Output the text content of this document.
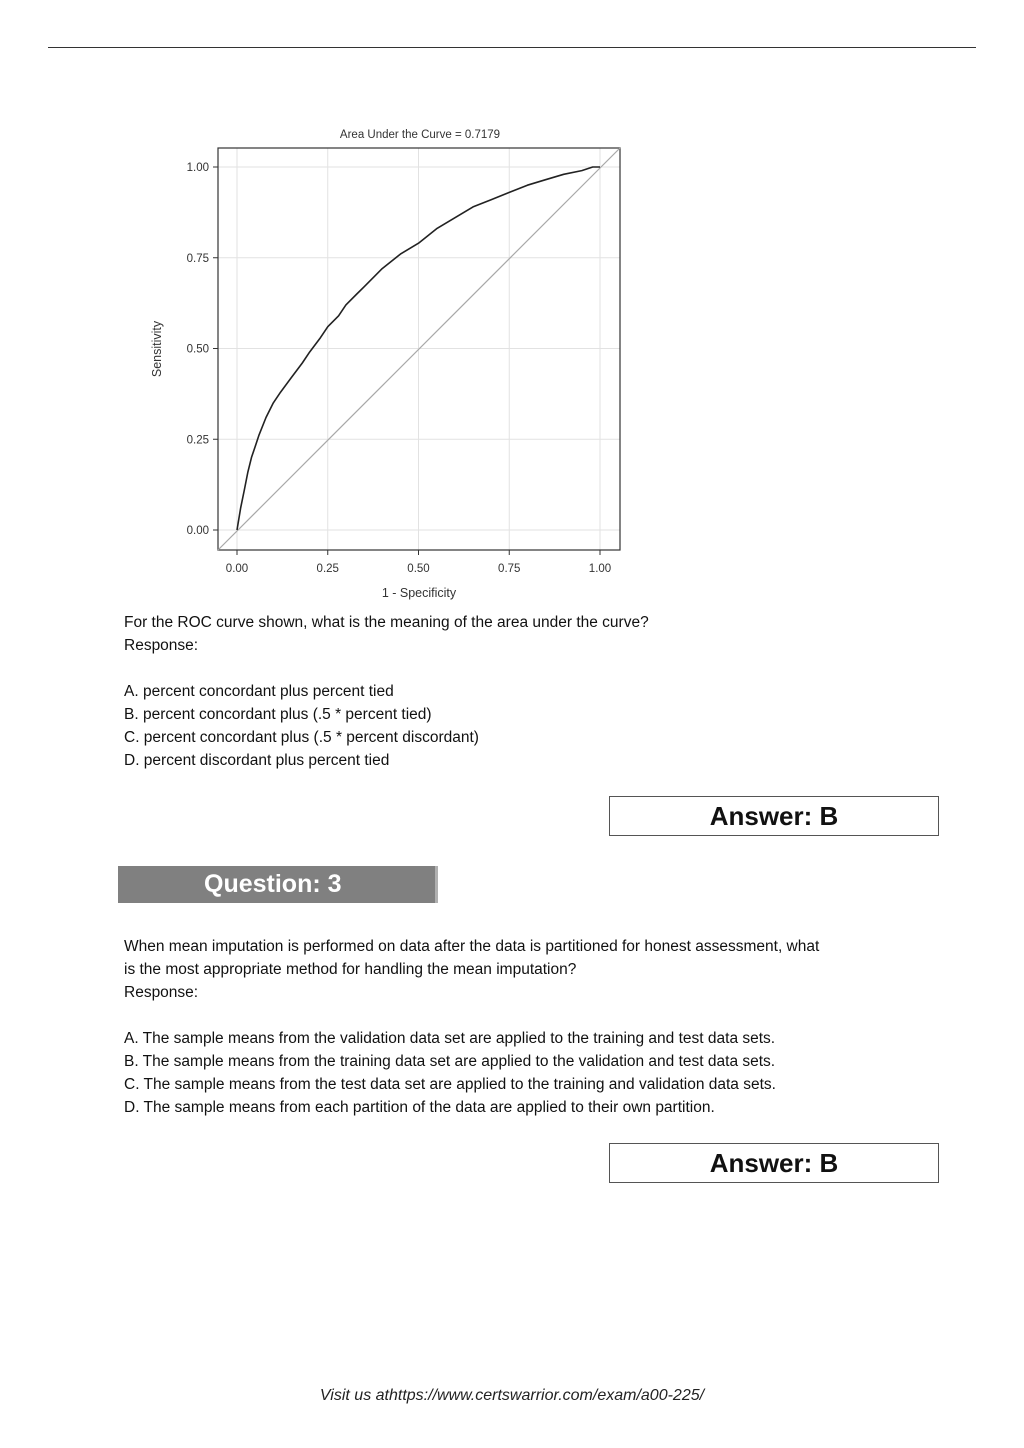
Area Under the Curve = 0.7179
0.00	0.25	0.50	0.75	1.00
0.00
0.25
0.50
0.75
1.00
1 - Specificity
Sensitivity

For the ROC curve shown, what is the meaning of the area under the curve?

Response:

A. percent concordant plus percent tied

B. percent concordant plus (.5 * percent tied)

C. percent concordant plus (.5 * percent discordant)

D. percent discordant plus percent tied

Answer: B
Question: 3

When mean imputation is performed on data after the data is partitioned for honest assessment, what

is the most appropriate method for handling the mean imputation?

Response:

A. The sample means from the validation data set are applied to the training and test data sets.

B. The sample means from the training data set are applied to the validation and test data sets.

C. The sample means from the test data set are applied to the training and validation data sets.

D. The sample means from each partition of the data are applied to their own partition.

Answer: B
Visit us athttps://www.certswarrior.com/exam/a00-225/
